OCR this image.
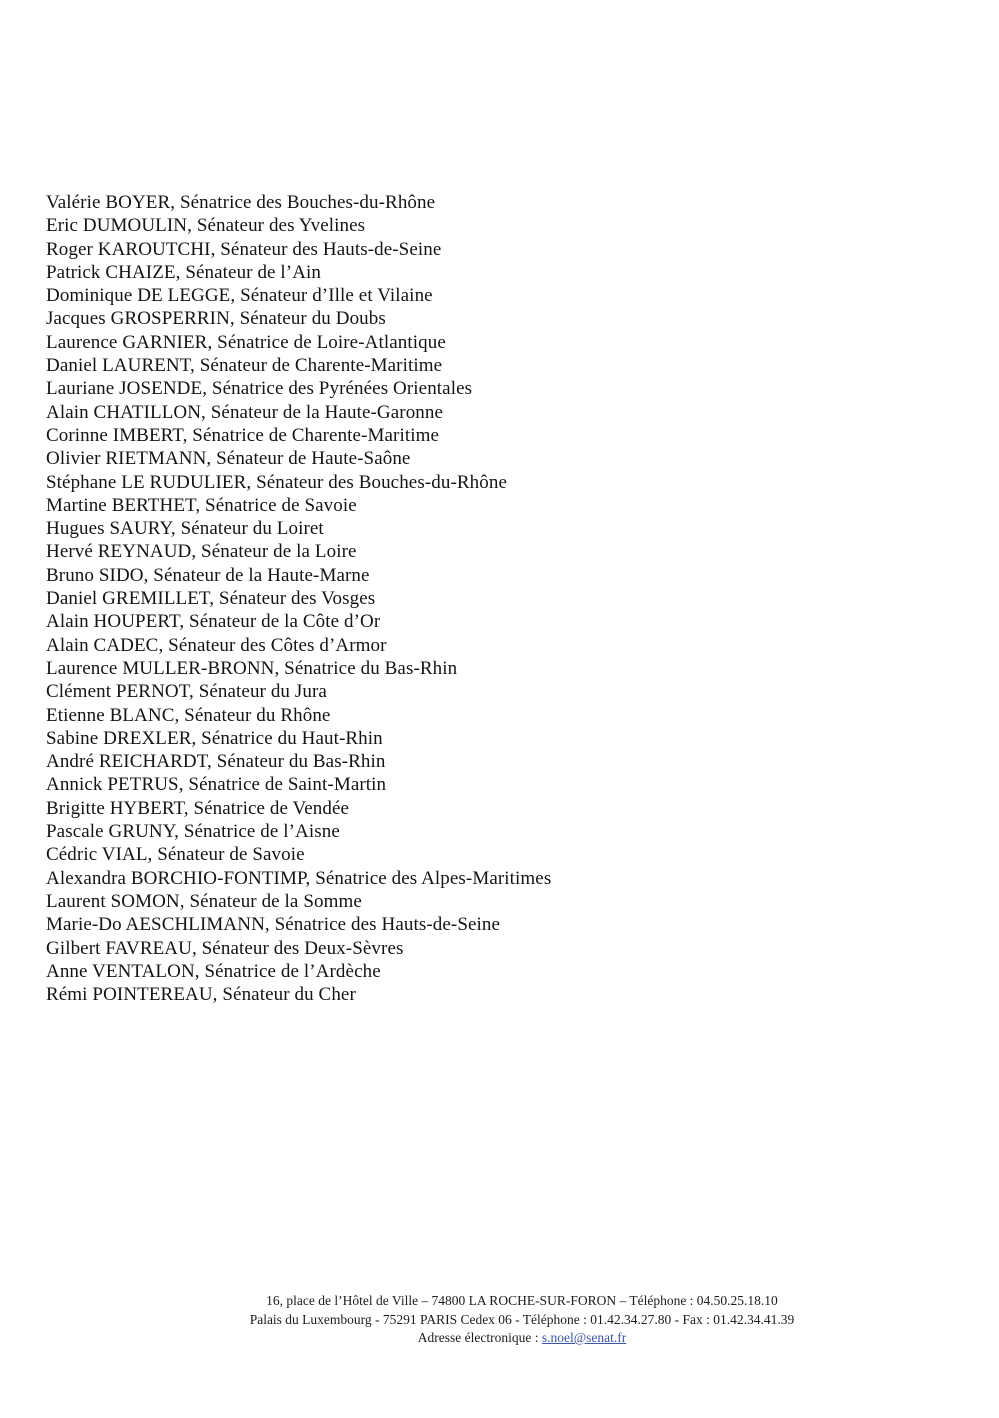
Valérie BOYER, Sénatrice des Bouches-du-Rhône
Eric DUMOULIN, Sénateur des Yvelines
Roger KAROUTCHI, Sénateur des Hauts-de-Seine
Patrick CHAIZE, Sénateur de l’Ain
Dominique DE LEGGE, Sénateur d’Ille et Vilaine
Jacques GROSPERRIN, Sénateur du Doubs
Laurence GARNIER, Sénatrice de Loire-Atlantique
Daniel LAURENT, Sénateur de Charente-Maritime
Lauriane JOSENDE, Sénatrice des Pyrénées Orientales
Alain CHATILLON, Sénateur de la Haute-Garonne
Corinne IMBERT, Sénatrice de Charente-Maritime
Olivier RIETMANN, Sénateur de Haute-Saône
Stéphane LE RUDULIER, Sénateur des Bouches-du-Rhône
Martine BERTHET, Sénatrice de Savoie
Hugues SAURY, Sénateur du Loiret
Hervé REYNAUD, Sénateur de la Loire
Bruno SIDO, Sénateur de la Haute-Marne
Daniel GREMILLET, Sénateur des Vosges
Alain HOUPERT, Sénateur de la Côte d’Or
Alain CADEC, Sénateur des Côtes d’Armor
Laurence MULLER-BRONN, Sénatrice du Bas-Rhin
Clément PERNOT, Sénateur du Jura
Etienne BLANC, Sénateur du Rhône
Sabine DREXLER, Sénatrice du Haut-Rhin
André REICHARDT, Sénateur du Bas-Rhin
Annick PETRUS, Sénatrice de Saint-Martin
Brigitte HYBERT, Sénatrice de Vendée
Pascale GRUNY, Sénatrice de l’Aisne
Cédric VIAL, Sénateur de Savoie
Alexandra BORCHIO-FONTIMP, Sénatrice des Alpes-Maritimes
Laurent SOMON, Sénateur de la Somme
Marie-Do AESCHLIMANN, Sénatrice des Hauts-de-Seine
Gilbert FAVREAU, Sénateur des Deux-Sèvres
Anne VENTALON, Sénatrice de l’Ardèche
Rémi POINTEREAU, Sénateur du Cher
16, place de l’Hôtel de Ville – 74800 LA ROCHE-SUR-FORON – Téléphone : 04.50.25.18.10
Palais du Luxembourg - 75291 PARIS Cedex 06 - Téléphone : 01.42.34.27.80 - Fax : 01.42.34.41.39
Adresse électronique : s.noel@senat.fr
